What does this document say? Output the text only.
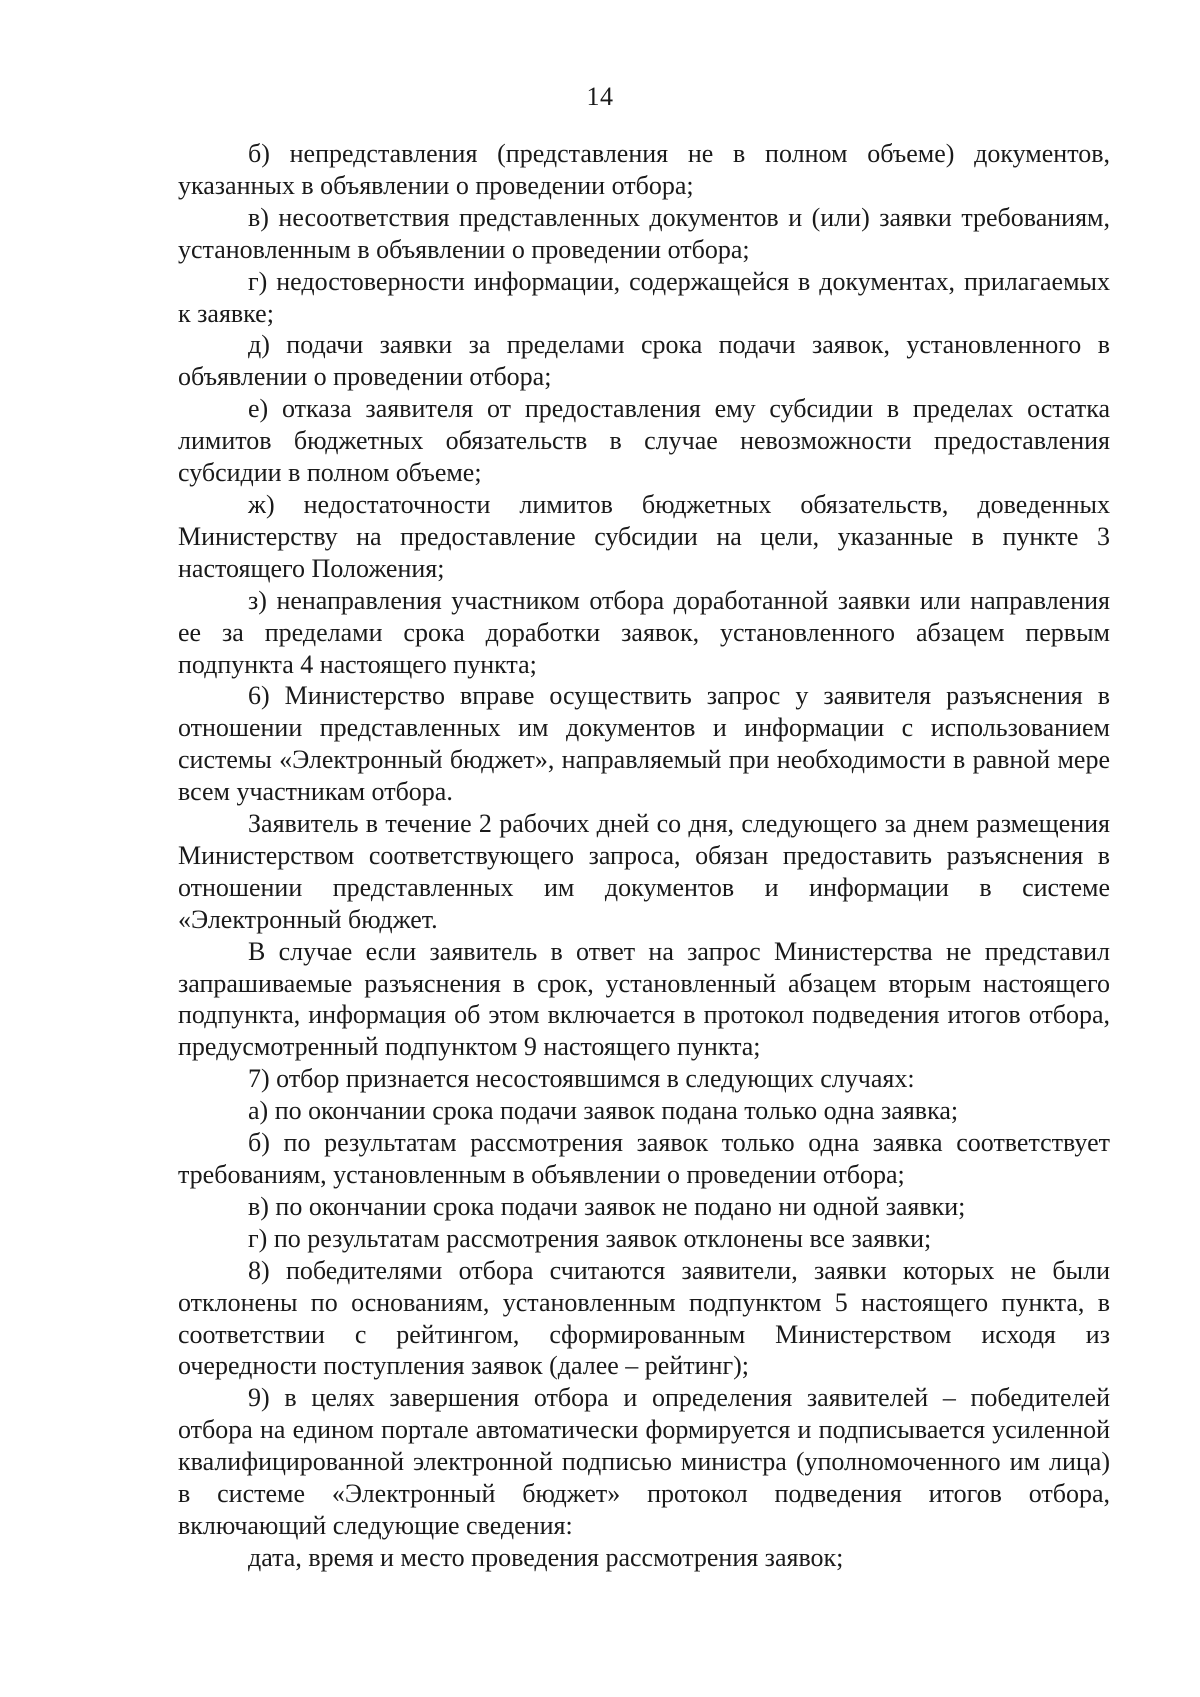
14

б) непредставления (представления не в полном объеме) документов, указанных в объявлении о проведении отбора;

в) несоответствия представленных документов и (или) заявки требованиям, установленным в объявлении о проведении отбора;

г) недостоверности информации, содержащейся в документах, прилагаемых к заявке;

д) подачи заявки за пределами срока подачи заявок, установленного в объявлении о проведении отбора;

е) отказа заявителя от предоставления ему субсидии в пределах остатка лимитов бюджетных обязательств в случае невозможности предоставления субсидии в полном объеме;

ж) недостаточности лимитов бюджетных обязательств, доведенных Министерству на предоставление субсидии на цели, указанные в пункте 3 настоящего Положения;

з) ненаправления участником отбора доработанной заявки или направления ее за пределами срока доработки заявок, установленного абзацем первым подпункта 4 настоящего пункта;

6) Министерство вправе осуществить запрос у заявителя разъяснения в отношении представленных им документов и информации с использованием системы «Электронный бюджет», направляемый при необходимости в равной мере всем участникам отбора.

Заявитель в течение 2 рабочих дней со дня, следующего за днем размещения Министерством соответствующего запроса, обязан предоставить разъяснения в отношении представленных им документов и информации в системе «Электронный бюджет.

В случае если заявитель в ответ на запрос Министерства не представил запрашиваемые разъяснения в срок, установленный абзацем вторым настоящего подпункта, информация об этом включается в протокол подведения итогов отбора, предусмотренный подпунктом 9 настоящего пункта;

7) отбор признается несостоявшимся в следующих случаях:

а) по окончании срока подачи заявок подана только одна заявка;

б) по результатам рассмотрения заявок только одна заявка соответствует требованиям, установленным в объявлении о проведении отбора;

в) по окончании срока подачи заявок не подано ни одной заявки;

г) по результатам рассмотрения заявок отклонены все заявки;

8) победителями отбора считаются заявители, заявки которых не были отклонены по основаниям, установленным подпунктом 5 настоящего пункта, в соответствии с рейтингом, сформированным Министерством исходя из очередности поступления заявок (далее – рейтинг);

9) в целях завершения отбора и определения заявителей – победителей отбора на едином портале автоматически формируется и подписывается усиленной квалифицированной электронной подписью министра (уполномоченного им лица) в системе «Электронный бюджет» протокол подведения итогов отбора, включающий следующие сведения:

дата, время и место проведения рассмотрения заявок;
